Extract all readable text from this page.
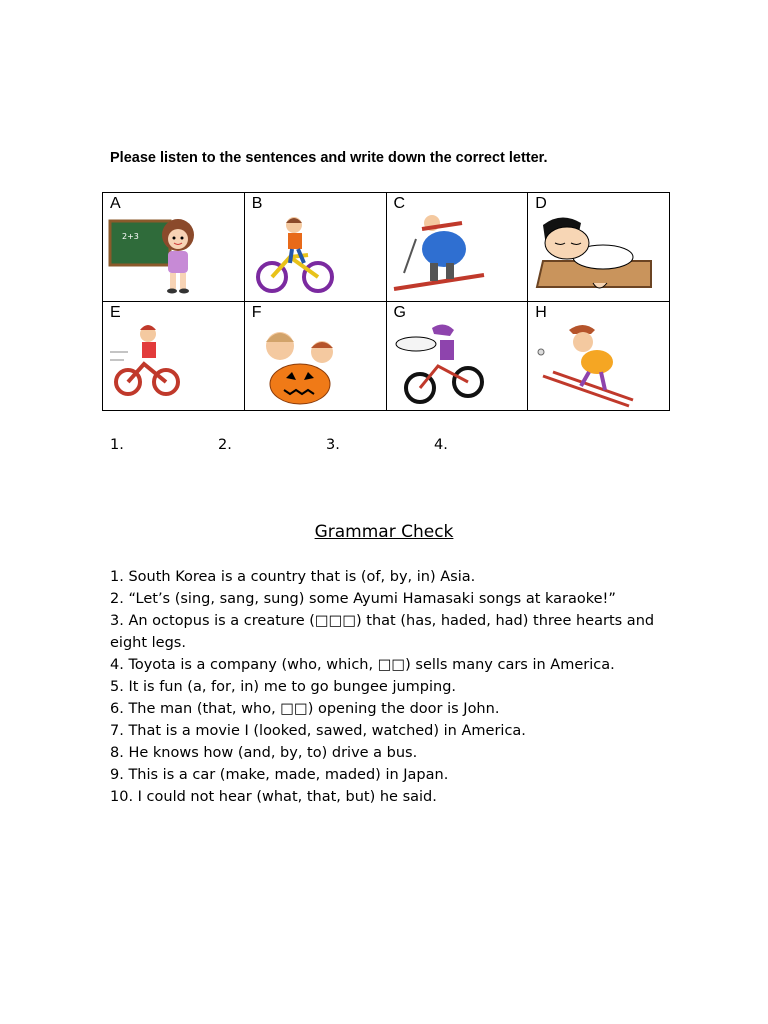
Please listen to the sentences and write down the correct letter.
A
2+3	B	C	D

E	F	G	H
1.	2.	3.	4.
Grammar Check
1. South Korea is a country that is (of, by, in) Asia.
2. “Let’s (sing, sang, sung) some Ayumi Hamasaki songs at karaoke!”
3. An octopus is a creature (□□□) that (has, haded, had) three hearts and eight legs.
4. Toyota is a company (who, which, □□) sells many cars in America.
5. It is fun (a, for, in) me to go bungee jumping.
6. The man (that, who, □□) opening the door is John.
7. That is a movie I (looked, sawed, watched) in America.
8. He knows how (and, by, to) drive a bus.
9. This is a car (make, made, maded) in Japan.
10. I could not hear (what, that, but) he said.
